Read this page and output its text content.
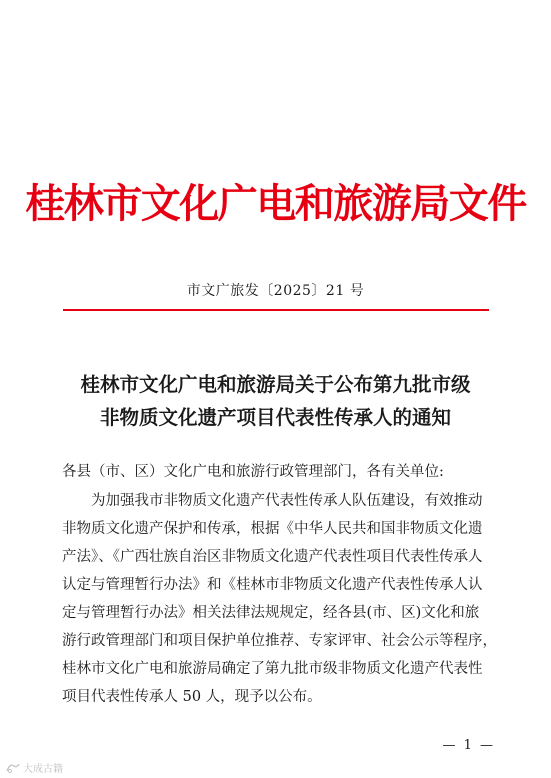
桂林市文化广电和旅游局文件
市文广旅发〔2025〕21 号
桂林市文化广电和旅游局关于公布第九批市级
非物质文化遗产项目代表性传承人的通知
各县（市、区）文化广电和旅游行政管理部门，各有关单位:
为加强我市非物质文化遗产代表性传承人队伍建设，有效推动
非物质文化遗产保护和传承，根据《中华人民共和国非物质文化遗
产法》、《广西壮族自治区非物质文化遗产代表性项目代表性传承人
认定与管理暂行办法》和《桂林市非物质文化遗产代表性传承人认
定与管理暂行办法》相关法律法规规定，经各县(市、区)文化和旅
游行政管理部门和项目保护单位推荐、专家评审、社会公示等程序，
桂林市文化广电和旅游局确定了第九批市级非物质文化遗产代表性
项目代表性传承人 50 人，现予以公布。
— 1 —
大成古籍
